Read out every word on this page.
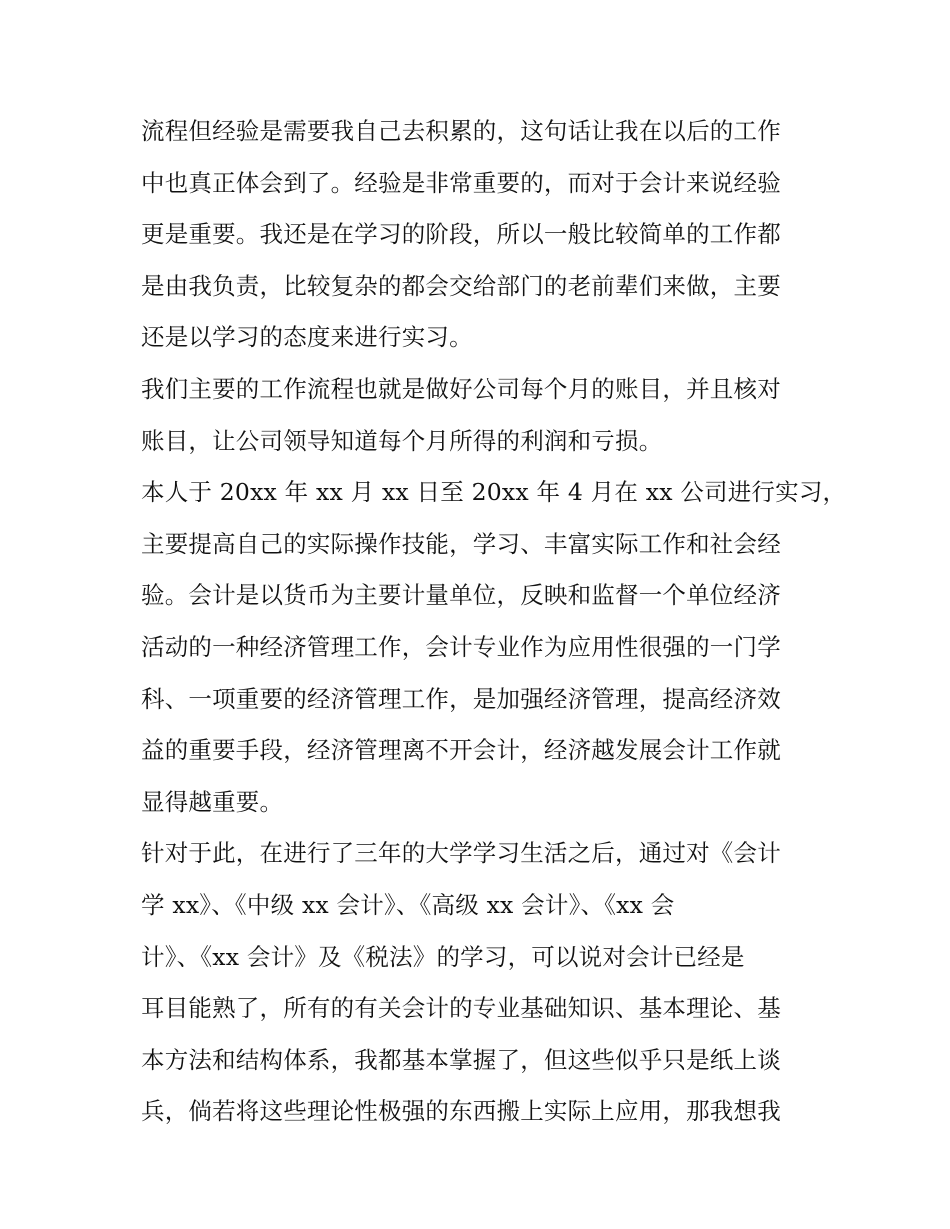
流程但经验是需要我自己去积累的，这句话让我在以后的工作
中也真正体会到了。经验是非常重要的，而对于会计来说经验
更是重要。我还是在学习的阶段，所以一般比较简单的工作都
是由我负责，比较复杂的都会交给部门的老前辈们来做，主要
还是以学习的态度来进行实习。
我们主要的工作流程也就是做好公司每个月的账目，并且核对
账目，让公司领导知道每个月所得的利润和亏损。
本人于 20xx 年 xx 月 xx 日至 20xx 年 4 月在 xx 公司进行实习，
主要提高自己的实际操作技能，学习、丰富实际工作和社会经
验。会计是以货币为主要计量单位，反映和监督一个单位经济
活动的一种经济管理工作，会计专业作为应用性很强的一门学
科、一项重要的经济管理工作，是加强经济管理，提高经济效
益的重要手段，经济管理离不开会计，经济越发展会计工作就
显得越重要。
针对于此，在进行了三年的大学学习生活之后，通过对《会计
学 xx》、《中级 xx 会计》、《高级 xx 会计》、《xx 会
计》、《xx 会计》及《税法》的学习，可以说对会计已经是
耳目能熟了，所有的有关会计的专业基础知识、基本理论、基
本方法和结构体系，我都基本掌握了，但这些似乎只是纸上谈
兵，倘若将这些理论性极强的东西搬上实际上应用，那我想我
